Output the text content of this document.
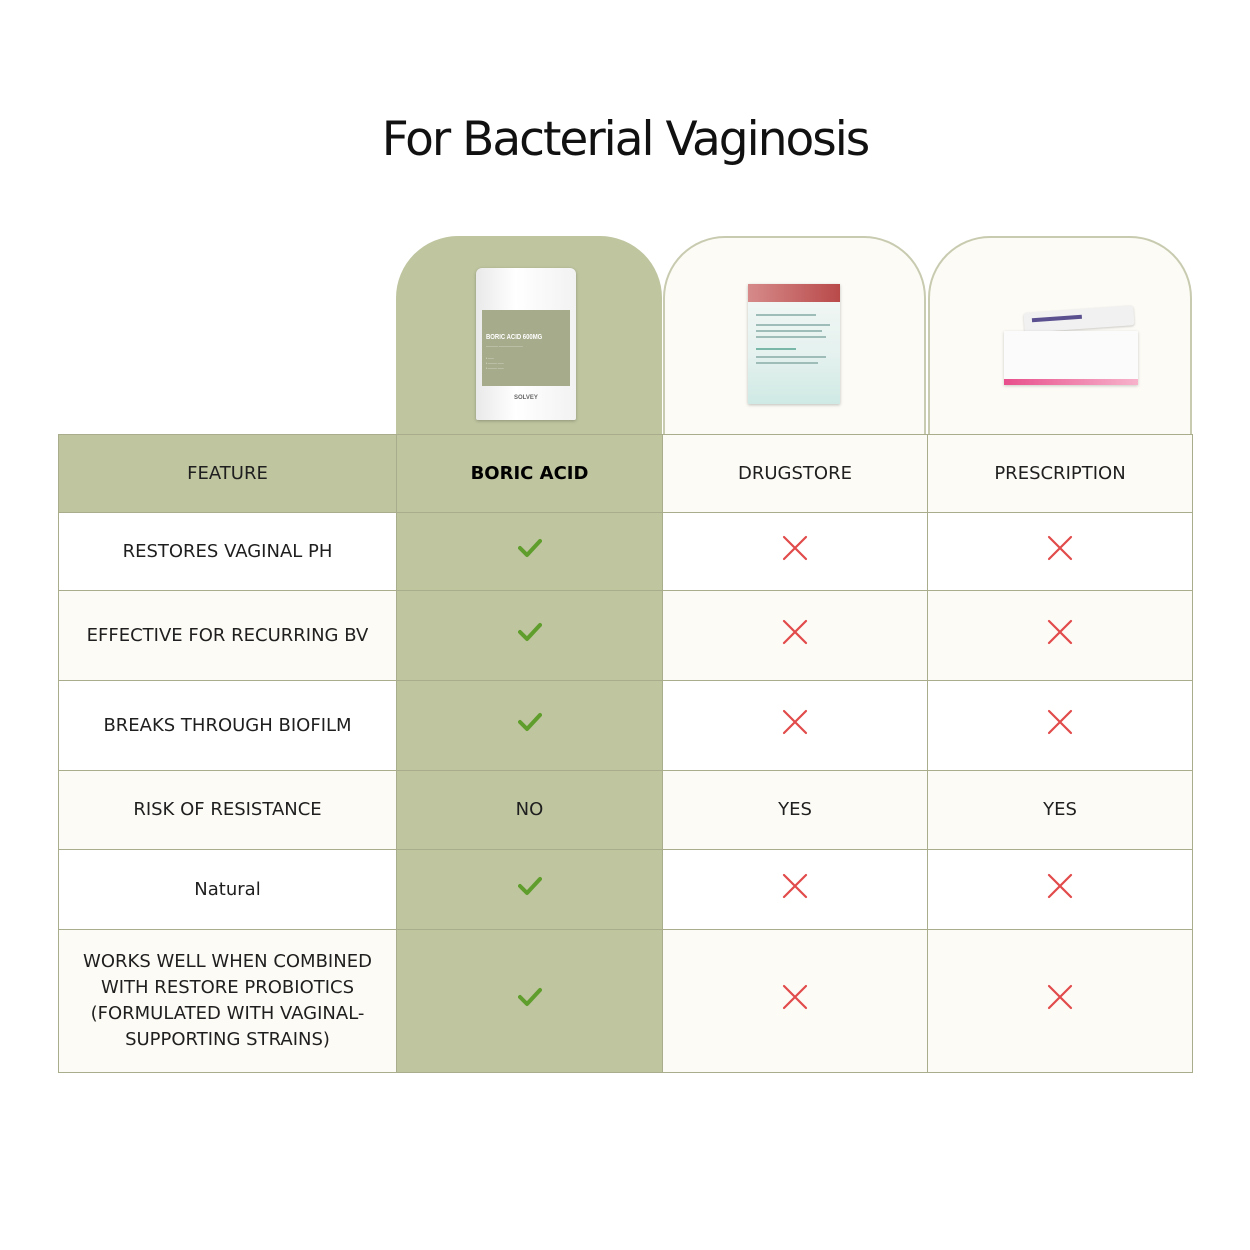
For Bacterial Vaginosis
BORIC ACID 600MG
———— ————————
• ——
• ——— ——
• ——— ——
SOLVEY
FEATURE	BORIC ACID	DRUGSTORE	PRESCRIPTION
RESTORES VAGINAL PH			
EFFECTIVE FOR RECURRING BV			
BREAKS THROUGH BIOFILM			
RISK OF RESISTANCE	NO	YES	YES
Natural			
WORKS WELL WHEN COMBINED WITH RESTORE PROBIOTICS (FORMULATED WITH VAGINAL-SUPPORTING STRAINS)			
